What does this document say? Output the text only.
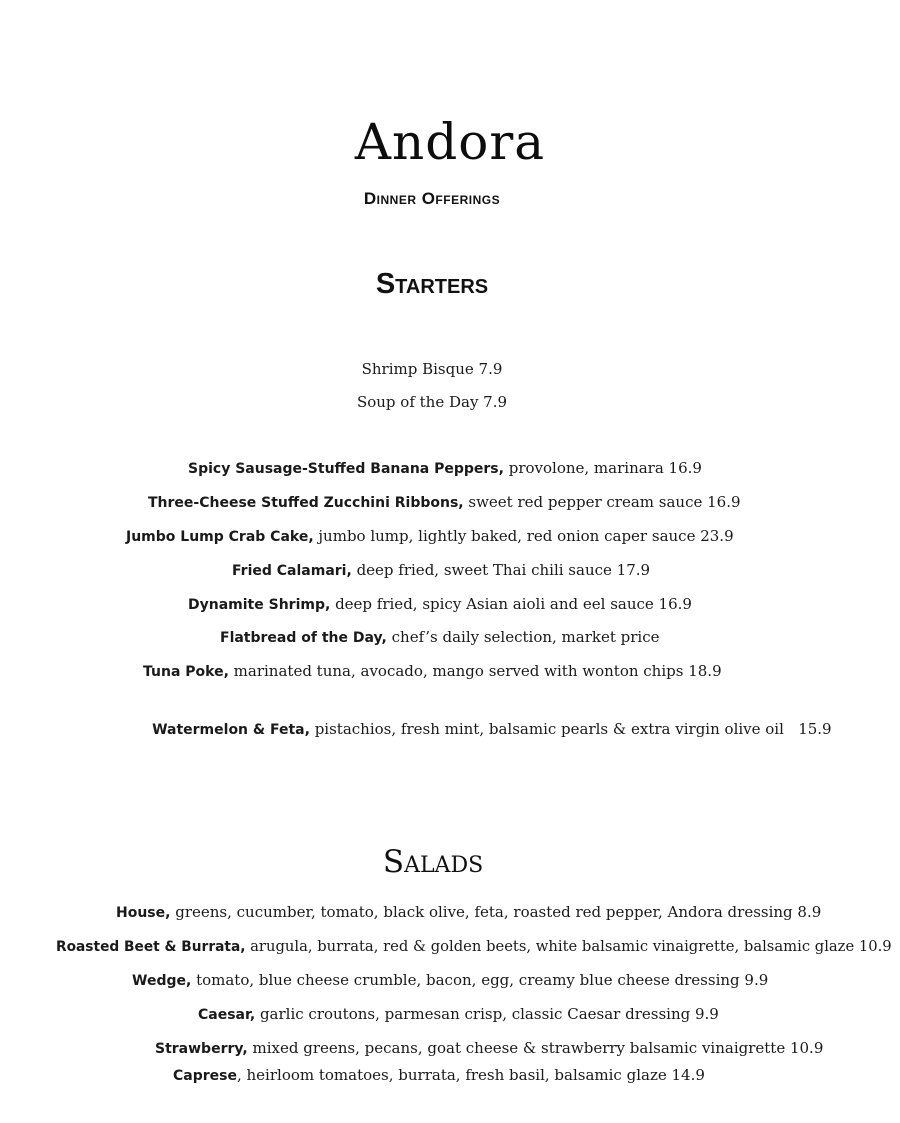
Andora
Dinner Offerings
Starters
Shrimp Bisque 7.9
Soup of the Day 7.9
Spicy Sausage-Stuffed Banana Peppers, provolone, marinara 16.9
Three-Cheese Stuffed Zucchini Ribbons, sweet red pepper cream sauce 16.9
Jumbo Lump Crab Cake, jumbo lump, lightly baked, red onion caper sauce 23.9
Fried Calamari, deep fried, sweet Thai chili sauce 17.9
Dynamite Shrimp, deep fried, spicy Asian aioli and eel sauce 16.9
Flatbread of the Day, chef’s daily selection, market price
Tuna Poke, marinated tuna, avocado, mango served with wonton chips 18.9

Watermelon & Feta, pistachios, fresh mint, balsamic pearls & extra virgin olive oil   15.9

Salads
House, greens, cucumber, tomato, black olive, feta, roasted red pepper, Andora dressing 8.9
Roasted Beet & Burrata, arugula, burrata, red & golden beets, white balsamic vinaigrette, balsamic glaze 10.9
Wedge, tomato, blue cheese crumble, bacon, egg, creamy blue cheese dressing 9.9
Caesar, garlic croutons, parmesan crisp, classic Caesar dressing 9.9
Strawberry, mixed greens, pecans, goat cheese & strawberry balsamic vinaigrette 10.9
Caprese, heirloom tomatoes, burrata, fresh basil, balsamic glaze 14.9
